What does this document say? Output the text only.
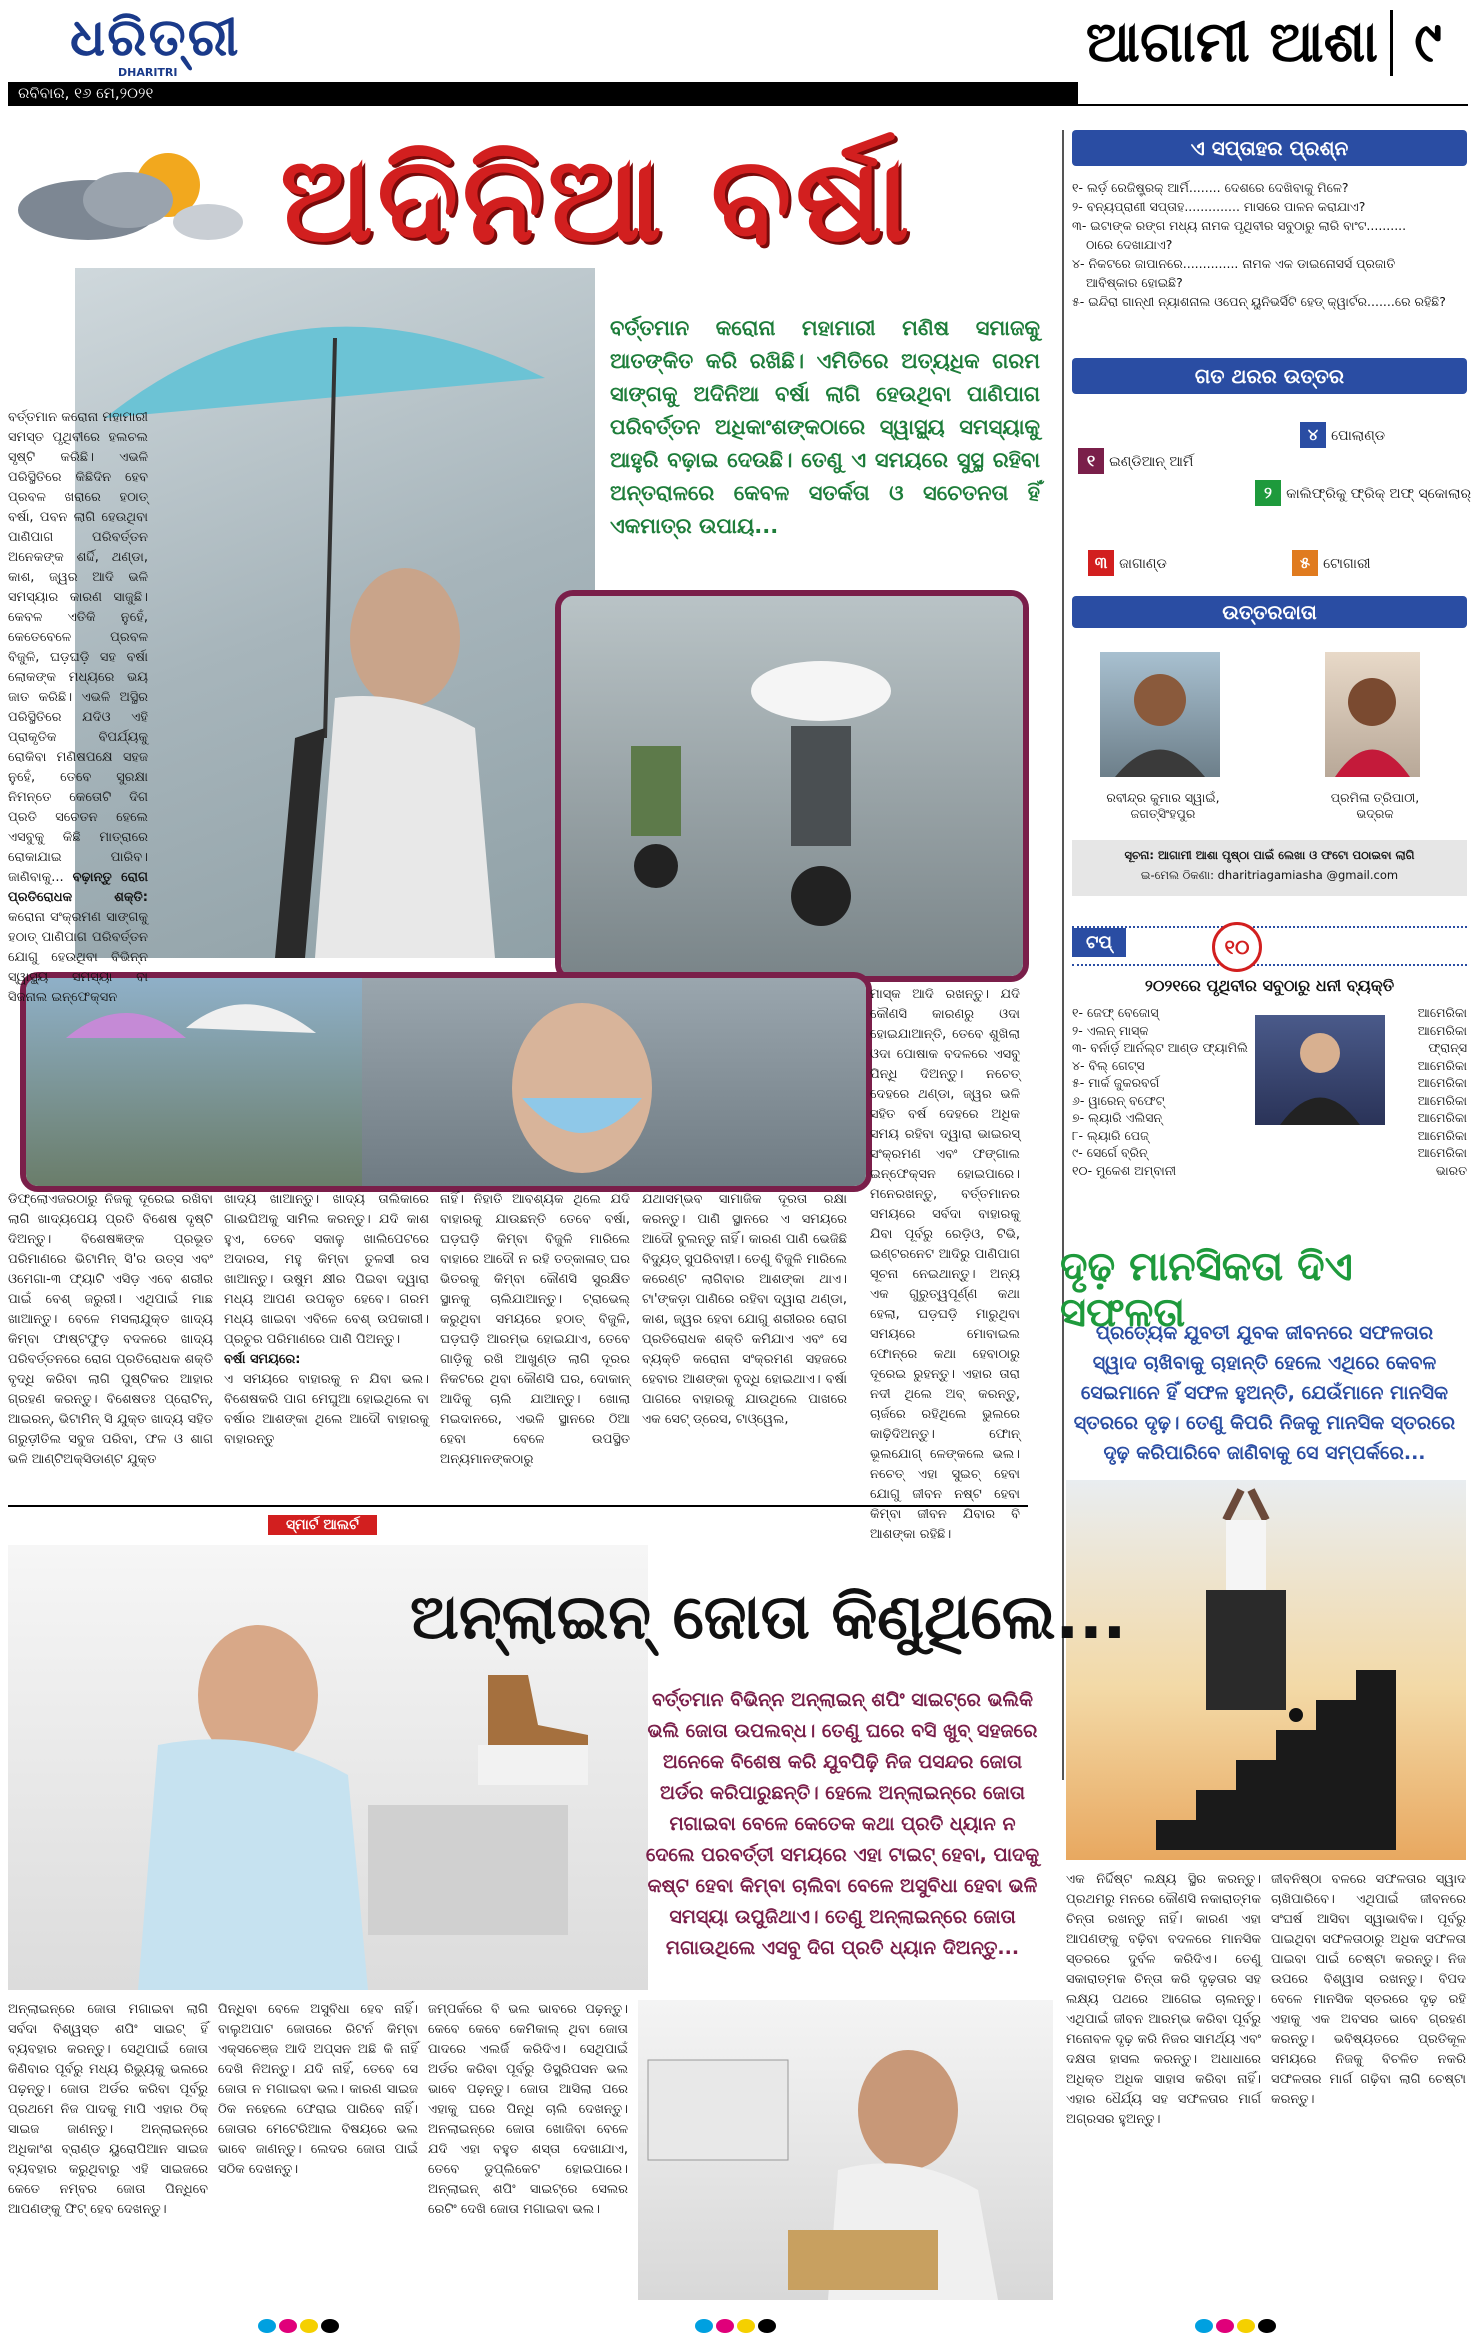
ଧରିତ୍ରୀ
DHARITRI
ରବିବାର, ୧୬ ମେ,୨୦୨୧
ଆଗାମୀ ଆଶା ୯
ଅଦିନିଆ ବର୍ଷା
ବର୍ତ୍ତମାନ କରୋନା ମହାମାରୀ ମଣିଷ ସମାଜକୁ ଆତଙ୍କିତ କରି ରଖିଛି। ଏମିତିରେ ଅତ୍ୟଧିକ ଗରମ ସାଙ୍ଗକୁ ଅଦିନିଆ ବର୍ଷା ଲାଗି ହେଉଥିବା ପାଣିପାଗ ପରିବର୍ତ୍ତନ ଅଧିକାଂଶଙ୍କଠାରେ ସ୍ୱାସ୍ଥ୍ୟ ସମସ୍ୟାକୁ ଆହୁରି ବଢ଼ାଇ ଦେଉଛି। ତେଣୁ ଏ ସମୟରେ ସୁସ୍ଥ ରହିବା ଅନ୍ତରାଳରେ କେବଳ ସତର୍କତା ଓ ସଚେତନତା ହିଁ ଏକମାତ୍ର ଉପାୟ...
ବର୍ତ୍ତମାନ କରୋନା ମହାମାରୀ ସମସ୍ତ ପୃଥିବୀରେ ହଲଚଲ ସୃଷ୍ଟି କରିଛି। ଏଭଳି ପରିସ୍ଥିତିରେ କିଛିଦିନ ହେବ ପ୍ରବଳ ଖରାରେ ହଠାତ୍ ବର୍ଷା, ପବନ ଲାଗି ହେଉଥିବା ପାଣିପାଗ ପରିବର୍ତ୍ତନ ଅନେକଙ୍କ ଶର୍ଦ୍ଦି, ଥଣ୍ଡା, କାଶ, ଜ୍ୱର ଆଦି ଭଳି ସମସ୍ୟାର କାରଣ ସାଜୁଛି। କେବଳ ଏତିକି ନୁହେଁ, କେତେବେଳେ ପ୍ରବଳ ବିଜୁଳି, ଘଡ଼ଘଡ଼ି ସହ ବର୍ଷା ଲୋକଙ୍କ ମଧ୍ୟରେ ଭୟ ଜାତ କରିଛି। ଏଭଳି ଅସ୍ଥିର ପରିସ୍ଥିତିରେ ଯଦିଓ ଏହି ପ୍ରାକୃତିକ ବିପର୍ଯ୍ୟକୁ ରୋକିବା ମଣିଷପକ୍ଷେ ସହଜ ନୁହେଁ, ତେବେ ସୁରକ୍ଷା ନିମନ୍ତେ କେତୋଟି ଦିଗ ପ୍ରତି ସଚେତନ ହେଲେ ଏସବୁକୁ କିଛି ମାତ୍ରାରେ ରୋକାଯାଇ ପାରିବ। ଜାଣିବାକୁ... ବଢ଼ାନ୍ତୁ ରୋଗ ପ୍ରତିରୋଧକ ଶକ୍ତି: କରୋନା ସଂକ୍ରମଣ ସାଙ୍ଗକୁ ହଠାତ୍ ପାଣିପାଗ ପରିବର୍ତ୍ତନ ଯୋଗୁ ହେଉଥିବା ବିଭିନ୍ନ ସ୍ୱାସ୍ଥ୍ୟ ସମସ୍ୟା ବା ସିଜନାଲ ଇନ୍‌ଫେକ୍ସନ	ମାସ୍କ ଆଦି ରଖନ୍ତୁ। ଯଦି କୌଣସି କାରଣରୁ ଓଦା ହୋଇଯାଆନ୍ତି, ତେବେ ଶୁଖିଲା ଓଦା ପୋଷାକ ବଦଳରେ ଏସବୁ ପିନ୍ଧି ଦିଅନ୍ତୁ। ନଚେତ୍ ଦେହରେ ଥଣ୍ଡା, ଜ୍ୱର ଭଳି ସହିତ ବର୍ଷ ଦେହରେ ଅଧିକ ସମୟ ରହିବା ଦ୍ୱାରା ଭାଇରସ୍ ସଂକ୍ରମଣ ଏବଂ ଫଙ୍ଗାଲ ଇନ୍‌ଫେକ୍ସନ ହୋଇପାରେ। ମନେରଖନ୍ତୁ, ବର୍ତ୍ତମାନର ସମୟରେ ସର୍ବଦା ବାହାରକୁ ଯିବା ପୂର୍ବରୁ ରେଡ଼ିଓ, ଟିଭି, ଇଣ୍ଟରନେଟ ଆଦିରୁ ପାଣିପାଗ ସୂଚନା ନେଇଥାନ୍ତୁ। ଅନ୍ୟ ଏକ ଗୁରୁତ୍ୱପୂର୍ଣ୍ଣ କଥା ହେଲା, ଘଡ଼ଘଡ଼ି ମାରୁଥିବା ସମୟରେ ମୋବାଇଲ ଫୋନ୍‌ରେ କଥା ହେବାଠାରୁ ଦୂରେଇ ରୁହନ୍ତୁ। ଏହାର ତାରା ନଦୀ ଥିଲେ ଅବ୍ କରନ୍ତୁ, ଚାର୍ଜରେ ରହିଥିଲେ ଭୁଲରେ କାଢ଼ିଦିଅନ୍ତୁ। ଫୋନ୍ ଭୂଲଯୋଗ୍ ଳେଙ୍କଲେ ଭଲ। ନଚେତ୍ ଏହା ସୁଇଚ୍ ହେବା ଯୋଗୁ ଜୀବନ ନଷ୍ଟ ହେବା କିମ୍ବା ଜୀବନ ଯିବାର ବି ଆଶଙ୍କା ରହିଛି।
ଡିଫ୍ଲୋଏଜରଠାରୁ ନିଜକୁ ଦୂରେଇ ରଖିବା ଲାଗି ଖାଦ୍ୟପେୟ ପ୍ରତି ବିଶେଷ ଦୃଷ୍ଟି ଦିଅନ୍ତୁ। ବିଶେଷଜ୍ଞଙ୍କ ପ୍ରଭୂତ ପରିମାଣରେ ଭିଟାମିନ୍ ସି'ର ଉତ୍ସ ଏବଂ ଓମେଗା-୩ ଫ୍ୟାଟି ଏସିଡ଼ ଏବେ ଶରୀର ପାଇଁ ବେଶ୍ ଜରୁରୀ। ଏଥିପାଇଁ ମାଛ ଖାଆନ୍ତୁ। ବେଳେ ମସଲାଯୁକ୍ତ ଖାଦ୍ୟ କିମ୍ବା ଫାଷ୍ଟଫୁଡ଼ ବଦଳରେ ଖାଦ୍ୟ ପରିବର୍ତ୍ତନରେ ରୋଗ ପ୍ରତିରୋଧକ ଶକ୍ତି ବୃଦ୍ଧି କରିବା ଲାଗି ପୁଷ୍ଟିକର ଆହାର ଗ୍ରହଣ କରନ୍ତୁ। ବିଶେଷତଃ ପ୍ରୋଟିନ୍, ଆଇରନ୍, ଭିଟାମିନ୍ ସି ଯୁକ୍ତ ଖାଦ୍ୟ ସହିତ ଗରୁଡ଼ୀତିଲ ସବୁଜ ପରିବା, ଫଳ ଓ ଶାଗ ଭଳି ଆଣ୍ଟିଅକ୍ସିଡାଣ୍ଟ ଯୁକ୍ତ
ଖାଦ୍ୟ ଖାଆନ୍ତୁ। ଖାଦ୍ୟ ତାଲିକାରେ ଗାଈଘିଅକୁ ସାମିଲ କରନ୍ତୁ। ଯଦି କାଶ ହୁଏ, ତେବେ ସକାଳୁ ଖାଲିପେଟରେ ଅଦାରସ, ମହୁ କିମ୍ବା ତୁଳସୀ ରସ ଖାଆନ୍ତୁ। ଉଷୁମ କ୍ଷୀର ପିଇବା ଦ୍ୱାରା ମଧ୍ୟ ଆପଣ ଉପକୃତ ହେବେ। ଗରମ ମଧ୍ୟ ଖାଇବା ଏବିଳେ ବେଶ୍ ଉପକାରୀ। ପ୍ରଚୁର ପରିମାଣରେ ପାଣି ପିଅନ୍ତୁ।
ବର୍ଷା ସମୟରେ:
ଏ ସମୟରେ ବାହାରକୁ ନ ଯିବା ଭଲ। ବିଶେଷକରି ପାଗ ମେଘୁଆ ହୋଇଥିଲେ ବା ବର୍ଷାର ଆଶଙ୍କା ଥିଲେ ଆଦୌ ବାହାରକୁ ବାହାରନ୍ତୁ
ନାହିଁ। ନିହାତି ଆବଶ୍ୟକ ଥିଲେ ଯଦି ବାହାରକୁ ଯାଉଛନ୍ତି ତେବେ ବର୍ଷା, ଘଡ଼ଘଡ଼ି କିମ୍ବା ବିଜୁଳି ମାରିଲେ ବାହାରେ ଆଦୌ ନ ରହି ତତ୍କାଳାତ୍ ଘର ଭିତରକୁ କିମ୍ବା କୌଣସି ସୁରକ୍ଷିତ ସ୍ଥାନକୁ ଚାଲିଯାଆନ୍ତୁ। ଟ୍ରାଭେଲ୍ କରୁଥିବା ସମୟରେ ହଠାତ୍ ବିଜୁଳି, ଘଡ଼ଘଡ଼ି ଆରମ୍ଭ ହୋଇଯାଏ, ତେବେ ଗାଡ଼ିକୁ ରଖି ଆଖୁଣ୍ଡ ଲାଗି ଦୂରର ନିକଟରେ ଥିବା କୌଣସି ଘର, ଦୋକାନ୍ ଆଦିକୁ ଚାଲି ଯାଆନ୍ତୁ। ଖୋଲା ମଇଦାନରେ, ଏଭଳି ସ୍ଥାନରେ ଠିଆ ହେବା ବେଳେ ଉପସ୍ଥିତ ଅନ୍ୟମାନଙ୍କଠାରୁ
ଯଥାସମ୍ଭବ ସାମାଜିକ ଦୂରତା ରକ୍ଷା କରନ୍ତୁ। ପାଣି ସ୍ଥାନରେ ଏ ସମୟରେ ଆଦୌ ବୁଲନ୍ତୁ ନାହିଁ। କାରଣ ପାଣି ଭେଜିଛି ବିଦ୍ୟୁତ୍ ସୁପରିବାହୀ। ତେଣୁ ବିଜୁଳି ମାରିଲେ କରେଣ୍ଟ ଲାଗିବାର ଆଶଙ୍କା ଥାଏ। ଟା'ଙ୍କଡ଼ା ପାଣିରେ ରହିବା ଦ୍ୱାରା ଥଣ୍ଡା, କାଶ, ଜ୍ୱର ହେବା ଯୋଗୁ ଶରୀରର ରୋଗ ପ୍ରତିରୋଧକ ଶକ୍ତି କମିଯାଏ ଏବଂ ସେ ବ୍ୟକ୍ତି କରୋନା ସଂକ୍ରମଣ ସହଜରେ ହେବାର ଆଶଙ୍କା ବୃଦ୍ଧି ହୋଇଥାଏ। ବର୍ଷା ପାଗରେ ବାହାରକୁ ଯାଉଥିଲେ ପାଖରେ ଏକ ସେଟ୍ ଡ୍ରେସ, ଟାଓ୍ୱେଲ,
ଏ ସପ୍ତାହର ପ୍ରଶ୍ନ
୧- ଲର୍ଡ଼ ରେଜିଷ୍ଟ୍ରକ୍ ଆର୍ମି........ ଦେଶରେ ଦେଖିବାକୁ ମିଳେ?
୨- ବନ୍ୟପ୍ରାଣୀ ସପ୍ତାହ.............. ମାସରେ ପାଳନ କରାଯାଏ?
୩- ଇଟାଙ୍କ ରଙ୍ଗ ମଧ୍ୟ ନାମକ ପୃଥିବୀର ସବୁଠାରୁ ଲାରି ବାଂଟ..........
ଠାରେ ଦେଖାଯାଏ?
୪- ନିକଟରେ ଜାପାନରେ.............. ନାମକ ଏକ ଡାଇନୋସର୍ସ ପ୍ରଜାତି
ଆବିଷ୍କାର ହୋଇଛି?
୫- ଇନ୍ଦିରା ଗାନ୍ଧୀ ନ୍ୟାଶନାଲ ଓପେନ୍ ୟୁନିଭର୍ସିଟି ହେଡ୍ କ୍ୱାର୍ଟର.......ରେ ରହିଛି?
ଗତ ଥରର ଉତ୍ତର
୧ ଇଣ୍ଡିଆନ୍ ଆର୍ମି
୪ ପୋଲାଣ୍ଡ
୨ କାଲିଫ୍ରିକୁ ଫ୍ରିକ୍ ଅଫ୍ ସ୍କୋଲାର୍
୩ ଜାଗାଣ୍ଡ	୫ ଟୋଗାରୀ
ଉତ୍ତରଦାତା
ରବୀନ୍ଦ୍ର କୁମାର ସ୍ୱାଇଁ,
ଜଗତ୍‌ସିଂହପୁର
ପ୍ରମିଳା ତ୍ରିପାଠୀ,
ଭଦ୍ରକ
ସୂଚନା: ଆଗାମୀ ଆଶା ପୃଷ୍ଠା ପାଇଁ ଲେଖା ଓ ଫଟୋ ପଠାଇବା ଲାଗି
ଇ-ମେଲ ଠିକଣା: dharitriagamiasha @gmail.com
ଟପ୍	୧୦
୨୦୨୧ରେ ପୃଥିବୀର ସବୁଠାରୁ ଧନୀ ବ୍ୟକ୍ତି
୧- ଜେଫ୍ ବେଜୋସ୍	ଆମେରିକା
୨- ଏଲନ୍ ମାସ୍କ	ଆମେରିକା
୩- ବର୍ନାର୍ଡ଼ ଆର୍ନଲ୍ଟ ଆଣ୍ଡ ଫ୍ୟାମିଲି	ଫ୍ରାନ୍ସ
୪- ବିଲ୍ ଗେଟ୍ସ	ଆମେରିକା
୫- ମାର୍କ ଜୁକରବର୍ଗ	ଆମେରିକା
୬- ୱାରେନ୍ ବଫେଟ୍	ଆମେରିକା
୭- ଲ୍ୟାରି ଏଲିସନ୍	ଆମେରିକା
୮- ଲ୍ୟାରି ପେଜ୍	ଆମେରିକା
୯- ସେର୍ଗେ ବ୍ରିନ୍	ଆମେରିକା
୧୦- ମୁକେଶ ଅମ୍ବାନୀ	ଭାରତ
ଦୃଢ଼ ମାନସିକତା ଦିଏ ସଫଳତା
ପ୍ରତ୍ୟେକ ଯୁବତୀ ଯୁବକ ଜୀବନରେ ସଫଳତାର ସ୍ୱାଦ ଚାଖିବାକୁ ଚାହାନ୍ତି ହେଲେ ଏଥିରେ କେବଳ ସେଇମାନେ ହିଁ ସଫଳ ହୁଅନ୍ତି, ଯେଉଁମାନେ ମାନସିକ ସ୍ତରରେ ଦୃଢ଼। ତେଣୁ କିପରି ନିଜକୁ ମାନସିକ ସ୍ତରରେ ଦୃଢ଼ କରିପାରିବେ ଜାଣିବାକୁ ସେ ସମ୍ପର୍କରେ...
ଏକ ନିର୍ଦ୍ଦିଷ୍ଟ ଲକ୍ଷ୍ୟ ସ୍ଥିର କରନ୍ତୁ। ପ୍ରଥମରୁ ମନରେ କୌଣସି ନକାରାତ୍ମକ ଚିନ୍ତା ରଖନ୍ତୁ ନାହିଁ। କାରଣ ଏହା ଆପଣଙ୍କୁ ବଢ଼ିବା ବଦଳରେ ମାନସିକ ସ୍ତରରେ ଦୁର୍ବଳ କରିଦିଏ। ତେଣୁ ସକାରାତ୍ମକ ଚିନ୍ତା କରି ଦୃଢ଼ତାର ସହ ଲକ୍ଷ୍ୟ ପଥରେ ଆଗେଇ ଚାଲନ୍ତୁ। ଏଥିପାଇଁ ଜୀବନ ଆରମ୍ଭ କରିବା ପୂର୍ବରୁ ମନୋବଳ ଦୃଢ଼ କରି ନିଜର ସାମର୍ଥ୍ୟ ଏବଂ ଦକ୍ଷତା ହାସଲ କରନ୍ତୁ। ଅଧାଧାରେ ଅଧିକ୍ତ ଅଧିକ ସାହାସ କରିବା ନାହିଁ। ଏହାର ଧୈର୍ଯ୍ୟ ସହ ସଫଳତାର ମାର୍ଗ ଅଗ୍ରସର ହୁଅନ୍ତୁ।
ଜୀବନିଷ୍ଠା ବଳରେ ସଫଳତାର ସ୍ୱାଦ ଚାଖିପାରିବେ। ଏଥିପାଇଁ ଜୀବନରେ ସଂଘର୍ଷ ଆସିବା ସ୍ୱାଭାବିକ। ପୂର୍ବରୁ ପାଇଥିବା ସଫଳତାଠାରୁ ଅଧିକ ସଫଳତା ପାଇବା ପାଇଁ ଚେଷ୍ଟା କରନ୍ତୁ। ନିଜ ଉପରେ ବିଶ୍ୱାସ ରଖନ୍ତୁ। ବିପଦ ବେଳେ ମାନସିକ ସ୍ତରରେ ଦୃଢ଼ ରହି ଏହାକୁ ଏକ ଅବସର ଭାବେ ଗ୍ରହଣ କରନ୍ତୁ। ଭବିଷ୍ୟତରେ ପ୍ରତିକୂଳ ସମୟରେ ନିଜକୁ ବିଚଳିତ ନକରି ସଫଳତାର ମାର୍ଗ ଗଢ଼ିବା ଲାଗି ଚେଷ୍ଟା କରନ୍ତୁ।
ସ୍ମାର୍ଟ ଆଲର୍ଟ
ଅନ୍‌ଲାଇନ୍ ଜୋତା କିଣୁଥିଲେ...
ବର୍ତ୍ତମାନ ବିଭିନ୍ନ ଅନ୍‌ଲାଇନ୍ ଶପିଂ ସାଇଟ୍‌ରେ ଭଲିକି ଭଲି ଜୋତା ଉପଲବ୍ଧ। ତେଣୁ ଘରେ ବସି ଖୁବ୍ ସହଜରେ ଅନେକେ ବିଶେଷ କରି ଯୁବପିଢ଼ି ନିଜ ପସନ୍ଦର ଜୋତା ଅର୍ଡର କରିପାରୁଛନ୍ତି। ହେଲେ ଅନ୍‌ଲାଇନ୍‌ରେ ଜୋତା ମଗାଇବା ବେଳେ କେତେକ କଥା ପ୍ରତି ଧ୍ୟାନ ନ ଦେଲେ ପରବର୍ତ୍ତୀ ସମୟରେ ଏହା ଟାଇଟ୍ ହେବା, ପାଦକୁ କଷ୍ଟ ହେବା କିମ୍ବା ଚାଲିବା ବେଳେ ଅସୁବିଧା ହେବା ଭଳି ସମସ୍ୟା ଉପୁଜିଥାଏ। ତେଣୁ ଅନ୍‌ଲାଇନ୍‌ରେ ଜୋତା ମଗାଉଥିଲେ ଏସବୁ ଦିଗ ପ୍ରତି ଧ୍ୟାନ ଦିଅନ୍ତୁ...
ଅନ୍‌ଲାଇନ୍‌ରେ ଜୋତା ମଗାଇବା ଲାଗି ସର୍ବଦା ବିଶ୍ୱସ୍ତ ଶପିଂ ସାଇଟ୍ ହିଁ ବ୍ୟବହାର କରନ୍ତୁ। ସେଥିପାଇଁ ଜୋତା କିଣିବାର ପୂର୍ବରୁ ମଧ୍ୟ ରିଭ୍ୟୁକୁ ଭଲରେ ପଢ଼ନ୍ତୁ। ଜୋତା ଅର୍ଡର କରିବା ପୂର୍ବରୁ ପ୍ରଥମେ ନିଜ ପାଦକୁ ମାପି ଏହାର ଠିକ୍ ସାଇଜ ଜାଣନ୍ତୁ। ଅନ୍‌ଲାଇନ୍‌ରେ ଅଧିକାଂଶ ବ୍ରାଣ୍ଡ ୟୁରୋପିଆନ ସାଇଜ ବ୍ୟବହାର କରୁଥିବାରୁ ଏହି ସାଇଜରେ କେତେ ନମ୍ବର ଜୋତା ପିନ୍ଧିବେ ଆପଣଙ୍କୁ ଫିଟ୍ ହେବ ଦେଖନ୍ତୁ।
ପିନ୍ଧିବା ବେଳେ ଅସୁବିଧା ହେବ ନାହିଁ। ବାଲୁଅପାଟ ଜୋତାରେ ରିଟର୍ନ କିମ୍ବା ଏକ୍ସଚେଞ୍ଜ ଆଦି ଅପ୍ସନ ଅଛି କି ନାହିଁ ଦେଖି ନିଅନ୍ତୁ। ଯଦି ନାହିଁ, ତେବେ ସେ ଜୋତା ନ ମଗାଇବା ଭଲ। କାରଣ ସାଇଜ ଠିକ ନହେଲେ ଫେରାଇ ପାରିବେ ନାହିଁ। ଜୋତାର ମେଟେରିଆଲ ବିଷୟରେ ଭଲ ଭାବେ ଜାଣନ୍ତୁ। ଲେଦର ଜୋତା ପାଇଁ ସଠିକ ଦେଖନ୍ତୁ।
ଜମ୍ପର୍କରେ ବି ଭଲ ଭାବରେ ପଢ଼ନ୍ତୁ। କେବେ କେବେ କେମିକାଲ୍ ଥିବା ଜୋତା ପାଦରେ ଏଲର୍ଜି କରିଦିଏ। ସେଥିପାଇଁ ଅର୍ଡର କରିବା ପୂର୍ବରୁ ଡିସ୍କ୍ରିପସନ ଭଲ ଭାବେ ପଢ଼ନ୍ତୁ। ଜୋତା ଆସିଲା ପରେ ଏହାକୁ ଘରେ ପିନ୍ଧି ଚାଲି ଦେଖନ୍ତୁ। ଅନଲାଇନ୍‌ରେ ଜୋତା ଖୋଜିବା ବେଳେ ଯଦି ଏହା ବହୁତ ଶସ୍ତା ଦେଖାଯାଏ, ତେବେ ଡୁପ୍ଲିକେଟ ହୋଇପାରେ। ଅନ୍‌ଲାଇନ୍ ଶପିଂ ସାଇଟ୍‌ରେ ସେଲର ରେଟିଂ ଦେଖି ଜୋତା ମଗାଇବା ଭଲ।
